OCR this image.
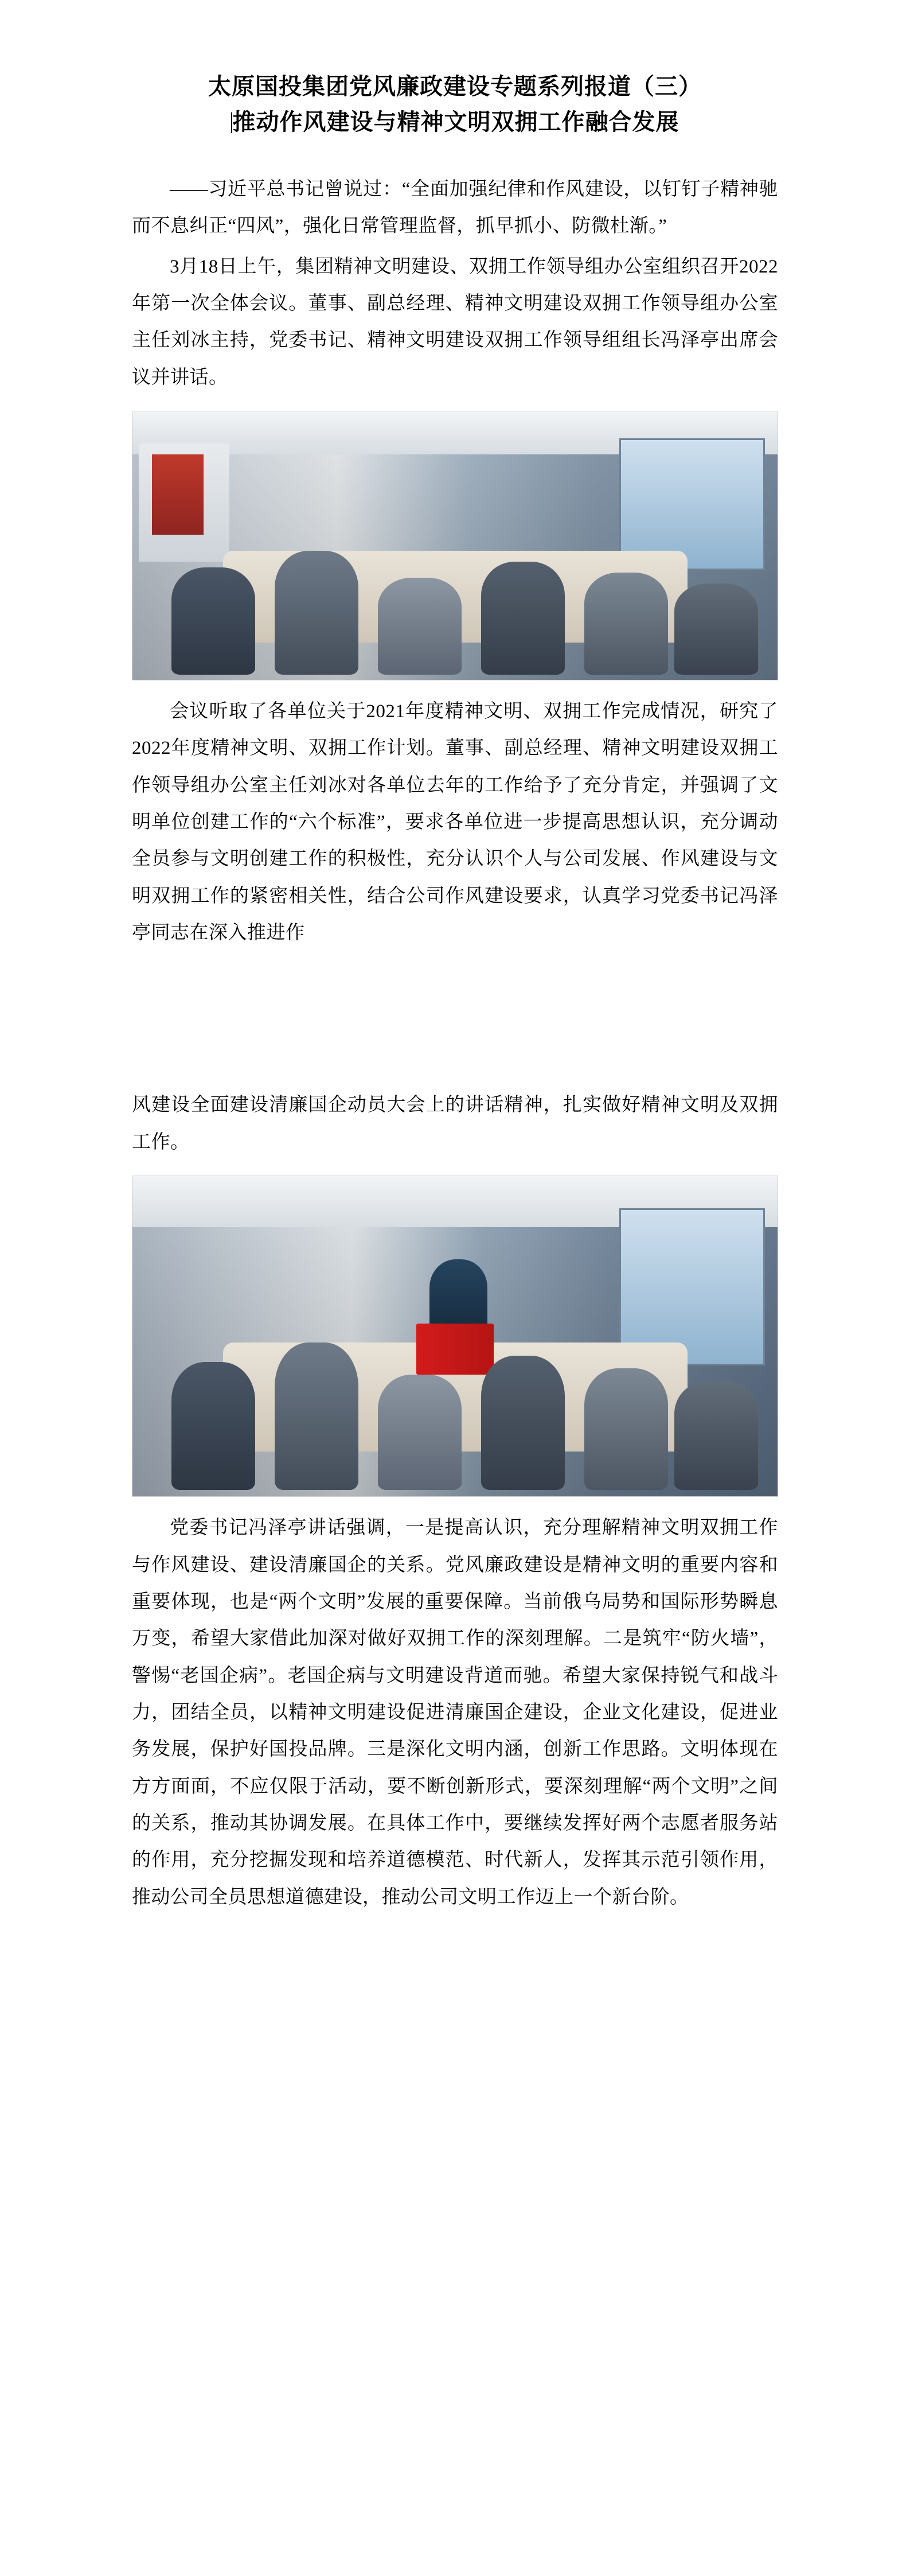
太原国投集团党风廉政建设专题系列报道（三）
推动作风建设与精神文明双拥工作融合发展

——习近平总书记曾说过：“全面加强纪律和作风建设，以钉钉子精神驰而不息纠正“四风”，强化日常管理监督，抓早抓小、防微杜渐。”

3月18日上午，集团精神文明建设、双拥工作领导组办公室组织召开2022年第一次全体会议。董事、副总经理、精神文明建设双拥工作领导组办公室主任刘冰主持，党委书记、精神文明建设双拥工作领导组组长冯泽亭出席会议并讲话。

会议听取了各单位关于2021年度精神文明、双拥工作完成情况，研究了2022年度精神文明、双拥工作计划。董事、副总经理、精神文明建设双拥工作领导组办公室主任刘冰对各单位去年的工作给予了充分肯定，并强调了文明单位创建工作的“六个标准”，要求各单位进一步提高思想认识，充分调动全员参与文明创建工作的积极性，充分认识个人与公司发展、作风建设与文明双拥工作的紧密相关性，结合公司作风建设要求，认真学习党委书记冯泽亭同志在深入推进作

风建设全面建设清廉国企动员大会上的讲话精神，扎实做好精神文明及双拥工作。

党委书记冯泽亭讲话强调，一是提高认识，充分理解精神文明双拥工作与作风建设、建设清廉国企的关系。党风廉政建设是精神文明的重要内容和重要体现，也是“两个文明”发展的重要保障。当前俄乌局势和国际形势瞬息万变，希望大家借此加深对做好双拥工作的深刻理解。二是筑牢“防火墙”，警惕“老国企病”。老国企病与文明建设背道而驰。希望大家保持锐气和战斗力，团结全员，以精神文明建设促进清廉国企建设，企业文化建设，促进业务发展，保护好国投品牌。三是深化文明内涵，创新工作思路。文明体现在方方面面，不应仅限于活动，要不断创新形式，要深刻理解“两个文明”之间的关系，推动其协调发展。在具体工作中，要继续发挥好两个志愿者服务站的作用，充分挖掘发现和培养道德模范、时代新人，发挥其示范引领作用，推动公司全员思想道德建设，推动公司文明工作迈上一个新台阶。
